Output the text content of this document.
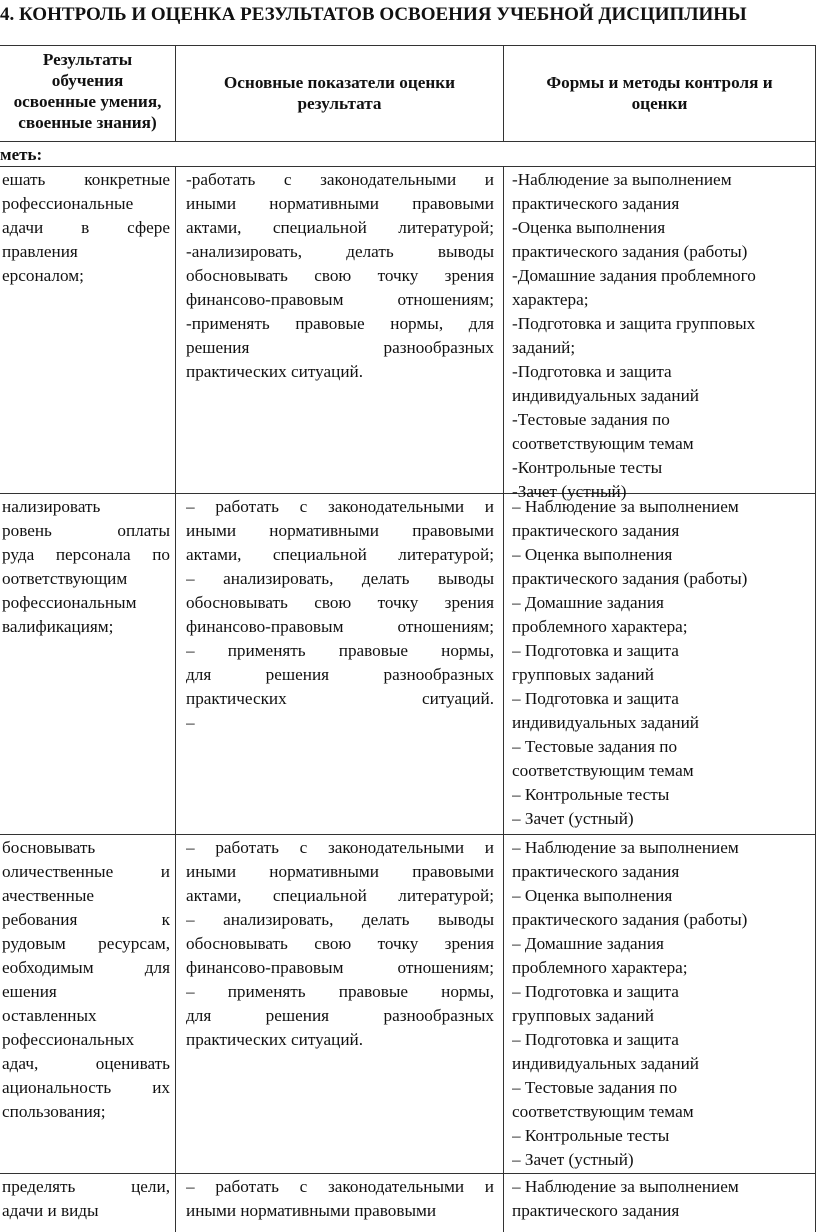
4. КОНТРОЛЬ И ОЦЕНКА РЕЗУЛЬТАТОВ ОСВОЕНИЯ УЧЕБНОЙ ДИСЦИПЛИНЫ
Результаты
обучения
освоенные умения,
своенные знания)
Основные показатели оценки
результата
Формы и методы контроля и
оценки
меть:
ешать конкретные
рофессиональные
адачи в сфере
правления
ерсоналом;
-работать с законодательными и
иными нормативными правовыми
актами, специальной литературой;
-анализировать, делать выводы
обосновывать свою точку зрения
финансово-правовым отношениям;
-применять правовые нормы, для
решения разнообразных
практических ситуаций.
-Наблюдение за выполнением
практического задания
-Оценка выполнения
практического задания (работы)
-Домашние задания проблемного
характера;
-Подготовка и защита групповых
заданий;
-Подготовка и защита
индивидуальных заданий
-Тестовые задания по
соответствующим темам
-Контрольные тесты
-Зачет (устный)
нализировать
ровень оплаты
руда персонала по
оответствующим
рофессиональным
валификациям;
– работать с законодательными и
иными нормативными правовыми
актами, специальной литературой;
– анализировать, делать выводы
обосновывать свою точку зрения
финансово-правовым отношениям;
– применять правовые нормы,
для решения разнообразных
практических ситуаций.
–
– Наблюдение за выполнением
практического задания
– Оценка выполнения
практического задания (работы)
– Домашние задания
проблемного характера;
– Подготовка и защита
групповых заданий
– Подготовка и защита
индивидуальных заданий
– Тестовые задания по
соответствующим темам
– Контрольные тесты
– Зачет (устный)
босновывать
оличественные и
ачественные
ребования к
рудовым ресурсам,
еобходимым для
ешения
оставленных
рофессиональных
адач, оценивать
ациональность их
спользования;
– работать с законодательными и
иными нормативными правовыми
актами, специальной литературой;
– анализировать, делать выводы
обосновывать свою точку зрения
финансово-правовым отношениям;
– применять правовые нормы,
для решения разнообразных
практических ситуаций.
– Наблюдение за выполнением
практического задания
– Оценка выполнения
практического задания (работы)
– Домашние задания
проблемного характера;
– Подготовка и защита
групповых заданий
– Подготовка и защита
индивидуальных заданий
– Тестовые задания по
соответствующим темам
– Контрольные тесты
– Зачет (устный)
пределять цели,
адачи и виды
– работать с законодательными и
иными нормативными правовыми
– Наблюдение за выполнением
практического задания
